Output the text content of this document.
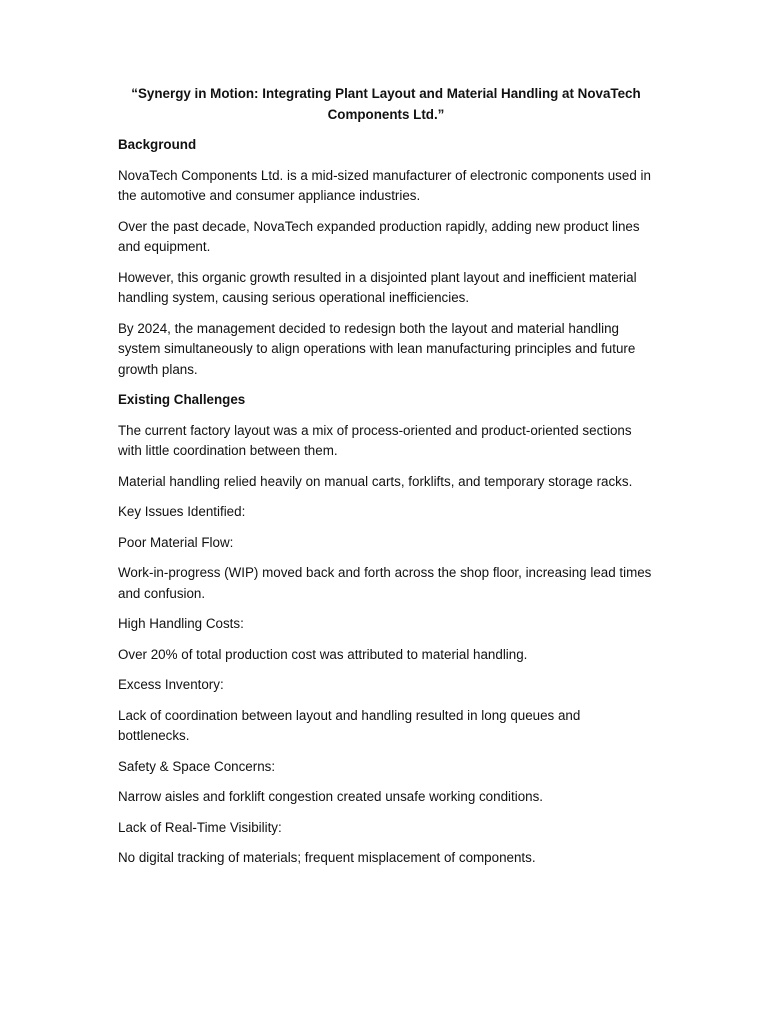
“Synergy in Motion: Integrating Plant Layout and Material Handling at NovaTech Components Ltd.”
Background

NovaTech Components Ltd. is a mid-sized manufacturer of electronic components used in the automotive and consumer appliance industries.

Over the past decade, NovaTech expanded production rapidly, adding new product lines and equipment.

However, this organic growth resulted in a disjointed plant layout and inefficient material handling system, causing serious operational inefficiencies.

By 2024, the management decided to redesign both the layout and material handling system simultaneously to align operations with lean manufacturing principles and future growth plans.

Existing Challenges

The current factory layout was a mix of process-oriented and product-oriented sections with little coordination between them.

Material handling relied heavily on manual carts, forklifts, and temporary storage racks.

Key Issues Identified:

Poor Material Flow:

Work-in-progress (WIP) moved back and forth across the shop floor, increasing lead times and confusion.

High Handling Costs:

Over 20% of total production cost was attributed to material handling.

Excess Inventory:

Lack of coordination between layout and handling resulted in long queues and bottlenecks.

Safety & Space Concerns:

Narrow aisles and forklift congestion created unsafe working conditions.

Lack of Real-Time Visibility:

No digital tracking of materials; frequent misplacement of components.
